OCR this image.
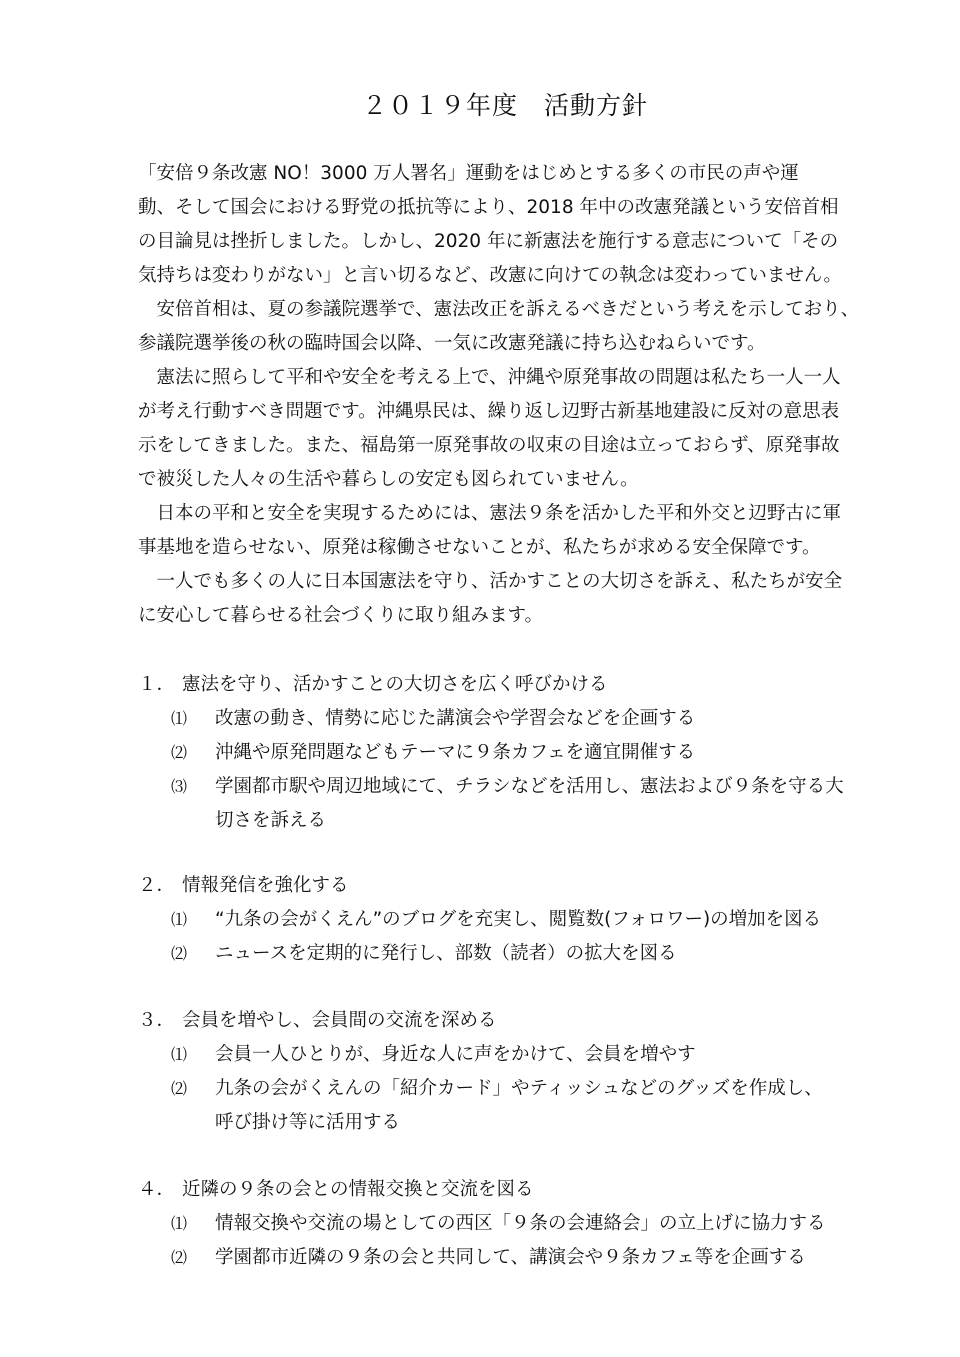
２０１９年度　活動方針
「安倍９条改憲 NO！3000 万人署名」運動をはじめとする多くの市民の声や運
動、そして国会における野党の抵抗等により、2018 年中の改憲発議という安倍首相
の目論見は挫折しました。しかし、2020 年に新憲法を施行する意志について「その
気持ちは変わりがない」と言い切るなど、改憲に向けての執念は変わっていません。
　安倍首相は、夏の参議院選挙で、憲法改正を訴えるべきだという考えを示しており、
参議院選挙後の秋の臨時国会以降、一気に改憲発議に持ち込むねらいです。
　憲法に照らして平和や安全を考える上で、沖縄や原発事故の問題は私たち一人一人
が考え行動すべき問題です。沖縄県民は、繰り返し辺野古新基地建設に反対の意思表
示をしてきました。また、福島第一原発事故の収束の目途は立っておらず、原発事故
で被災した人々の生活や暮らしの安定も図られていません。
　日本の平和と安全を実現するためには、憲法９条を活かした平和外交と辺野古に軍
事基地を造らせない、原発は稼働させないことが、私たちが求める安全保障です。
　一人でも多くの人に日本国憲法を守り、活かすことの大切さを訴え、私たちが安全
に安心して暮らせる社会づくりに取り組みます。
１． 憲法を守り、活かすことの大切さを広く呼びかける
⑴ 改憲の動き、情勢に応じた講演会や学習会などを企画する
⑵ 沖縄や原発問題などもテーマに９条カフェを適宜開催する
⑶ 学園都市駅や周辺地域にて、チラシなどを活用し、憲法および９条を守る大
切さを訴える
２． 情報発信を強化する
⑴ “九条の会がくえん”のブログを充実し、閲覧数(フォロワー)の増加を図る
⑵ ニュースを定期的に発行し、部数（読者）の拡大を図る
３． 会員を増やし、会員間の交流を深める
⑴ 会員一人ひとりが、身近な人に声をかけて、会員を増やす
⑵ 九条の会がくえんの「紹介カード」やティッシュなどのグッズを作成し、
呼び掛け等に活用する
４． 近隣の９条の会との情報交換と交流を図る
⑴ 情報交換や交流の場としての西区「９条の会連絡会」の立上げに協力する
⑵ 学園都市近隣の９条の会と共同して、講演会や９条カフェ等を企画する
